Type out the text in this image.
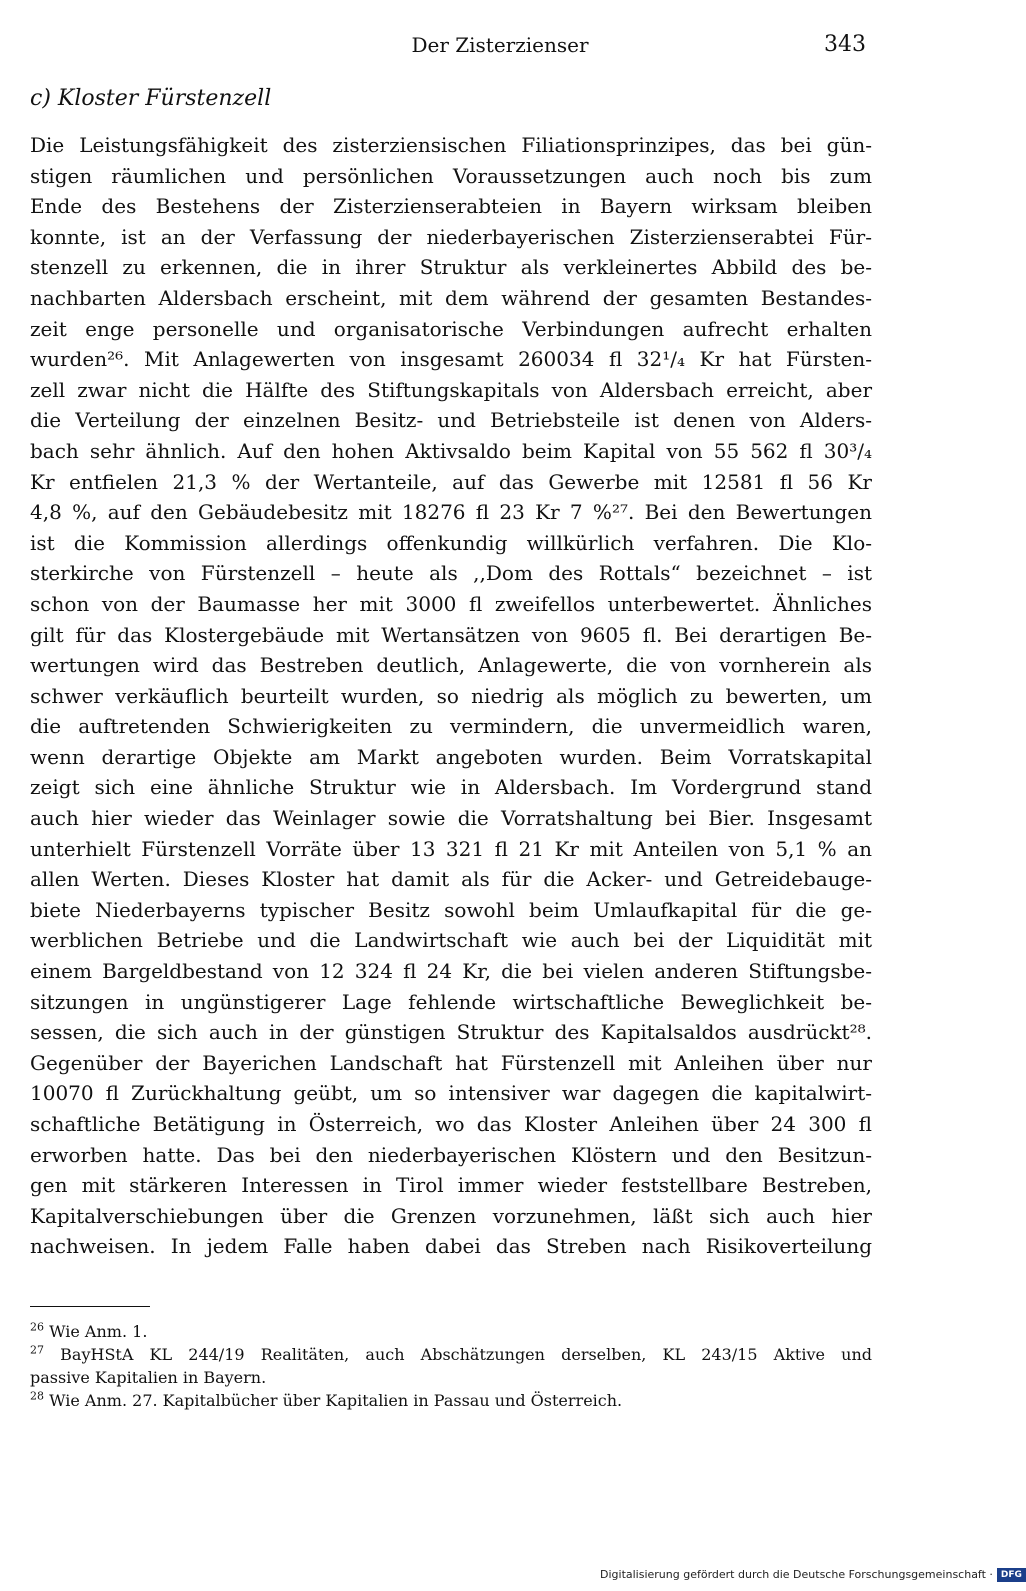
Der Zisterzienser	343
c) Kloster Fürstenzell
Die Leistungsfähigkeit des zisterziensischen Filiationsprinzipes, das bei gün-
stigen räumlichen und persönlichen Voraussetzungen auch noch bis zum
Ende des Bestehens der Zisterzienserabteien in Bayern wirksam bleiben
konnte, ist an der Verfassung der niederbayerischen Zisterzienserabtei Für-
stenzell zu erkennen, die in ihrer Struktur als verkleinertes Abbild des be-
nachbarten Aldersbach erscheint, mit dem während der gesamten Bestandes-
zeit enge personelle und organisatorische Verbindungen aufrecht erhalten
wurden²⁶. Mit Anlagewerten von insgesamt 260034 fl 32¹/₄ Kr hat Fürsten-
zell zwar nicht die Hälfte des Stiftungskapitals von Aldersbach erreicht, aber
die Verteilung der einzelnen Besitz- und Betriebsteile ist denen von Alders-
bach sehr ähnlich. Auf den hohen Aktivsaldo beim Kapital von 55 562 fl 30³/₄
Kr entfielen 21,3 % der Wertanteile, auf das Gewerbe mit 12581 fl 56 Kr
4,8 %, auf den Gebäudebesitz mit 18276 fl 23 Kr 7 %²⁷. Bei den Bewertungen
ist die Kommission allerdings offenkundig willkürlich verfahren. Die Klo-
sterkirche von Fürstenzell – heute als ,,Dom des Rottals“ bezeichnet – ist
schon von der Baumasse her mit 3000 fl zweifellos unterbewertet. Ähnliches
gilt für das Klostergebäude mit Wertansätzen von 9605 fl. Bei derartigen Be-
wertungen wird das Bestreben deutlich, Anlagewerte, die von vornherein als
schwer verkäuflich beurteilt wurden, so niedrig als möglich zu bewerten, um
die auftretenden Schwierigkeiten zu vermindern, die unvermeidlich waren,
wenn derartige Objekte am Markt angeboten wurden. Beim Vorratskapital
zeigt sich eine ähnliche Struktur wie in Aldersbach. Im Vordergrund stand
auch hier wieder das Weinlager sowie die Vorratshaltung bei Bier. Insgesamt
unterhielt Fürstenzell Vorräte über 13 321 fl 21 Kr mit Anteilen von 5,1 % an
allen Werten. Dieses Kloster hat damit als für die Acker- und Getreidebauge-
biete Niederbayerns typischer Besitz sowohl beim Umlaufkapital für die ge-
werblichen Betriebe und die Landwirtschaft wie auch bei der Liquidität mit
einem Bargeldbestand von 12 324 fl 24 Kr, die bei vielen anderen Stiftungsbe-
sitzungen in ungünstigerer Lage fehlende wirtschaftliche Beweglichkeit be-
sessen, die sich auch in der günstigen Struktur des Kapitalsaldos ausdrückt²⁸.
Gegenüber der Bayerichen Landschaft hat Fürstenzell mit Anleihen über nur
10070 fl Zurückhaltung geübt, um so intensiver war dagegen die kapitalwirt-
schaftliche Betätigung in Österreich, wo das Kloster Anleihen über 24 300 fl
erworben hatte. Das bei den niederbayerischen Klöstern und den Besitzun-
gen mit stärkeren Interessen in Tirol immer wieder feststellbare Bestreben,
Kapitalverschiebungen über die Grenzen vorzunehmen, läßt sich auch hier
nachweisen. In jedem Falle haben dabei das Streben nach Risikoverteilung
$^{26}$ Wie Anm. 1.
$^{27}$ BayHStA KL 244/19 Realitäten, auch Abschätzungen derselben, KL 243/15 Aktive und
passive Kapitalien in Bayern.
$^{28}$ Wie Anm. 27. Kapitalbücher über Kapitalien in Passau und Österreich.
Digitalisierung gefördert durch die Deutsche Forschungsgemeinschaft · DFG
